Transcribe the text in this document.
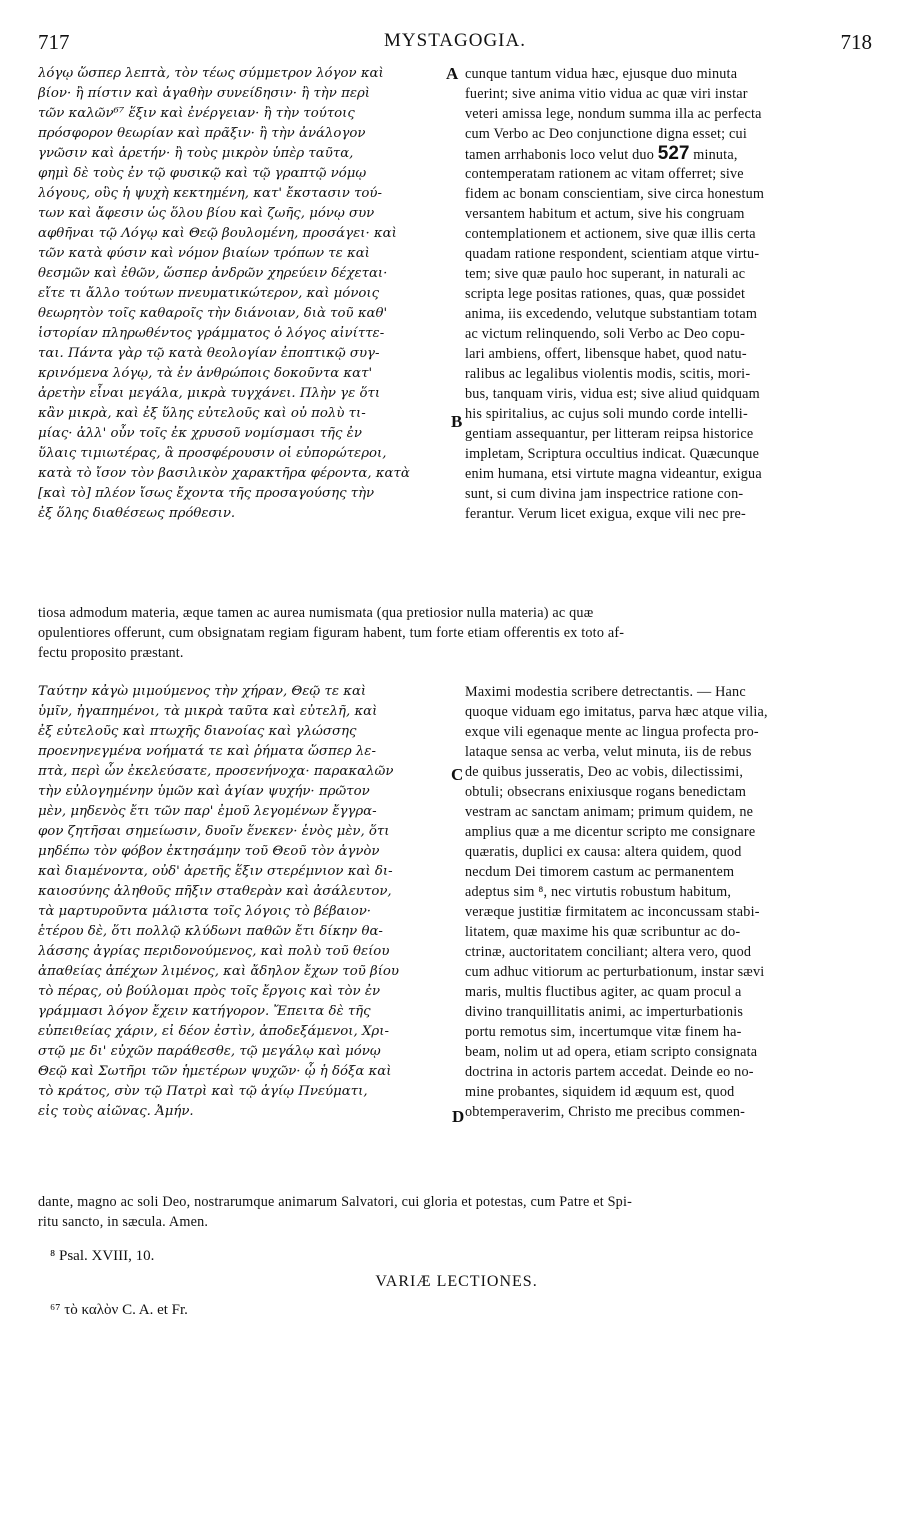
717	MYSTAGOGIA.	718
λόγῳ ὥσπερ λεπτὰ, τὸν τέως σύμμετρον λόγον καὶ
βίον· ἢ πίστιν καὶ ἀγαθὴν συνείδησιν· ἢ τὴν περὶ
τῶν καλῶν⁶⁷ ἕξιν καὶ ἐνέργειαν· ἢ τὴν τούτοις
πρόσφορον θεωρίαν καὶ πρᾶξιν· ἢ τὴν ἀνάλογον
γνῶσιν καὶ ἀρετήν· ἢ τοὺς μικρὸν ὑπὲρ ταῦτα,
φημὶ δὲ τοὺς ἐν τῷ φυσικῷ καὶ τῷ γραπτῷ νόμῳ
λόγους, οὓς ἡ ψυχὴ κεκτημένη, κατ' ἔκστασιν τού-
των καὶ ἄφεσιν ὡς ὅλου βίου καὶ ζωῆς, μόνῳ συν
αφθῆναι τῷ Λόγῳ καὶ Θεῷ βουλομένη, προσάγει· καὶ
τῶν κατὰ φύσιν καὶ νόμον βιαίων τρόπων τε καὶ
θεσμῶν καὶ ἐθῶν, ὥσπερ ἀνδρῶν χηρεύειν δέχεται·
εἴτε τι ἄλλο τούτων πνευματικώτερον, καὶ μόνοις
θεωρητὸν τοῖς καθαροῖς τὴν διάνοιαν, διὰ τοῦ καθ'
ἱστορίαν πληρωθέντος γράμματος ὁ λόγος αἰνίττε-
ται. Πάντα γὰρ τῷ κατὰ θεολογίαν ἐποπτικῷ συγ-
κρινόμενα λόγῳ, τὰ ἐν ἀνθρώποις δοκοῦντα κατ'
ἀρετὴν εἶναι μεγάλα, μικρὰ τυγχάνει. Πλὴν γε ὅτι
κἂν μικρὰ, καὶ ἐξ ὕλης εὐτελοῦς καὶ οὐ πολὺ τι-
μίας· ἀλλ' οὖν τοῖς ἐκ χρυσοῦ νομίσμασι τῆς ἐν
ὕλαις τιμιωτέρας, ἃ προσφέρουσιν οἱ εὐπορώτεροι,
κατὰ τὸ ἴσον τὸν βασιλικὸν χαρακτῆρα φέροντα, κατὰ
[καὶ τὸ] πλέον ἴσως ἔχοντα τῆς προσαγούσης τὴν
ἐξ ὅλης διαθέσεως πρόθεσιν.
cunque tantum vidua hæc, ejusque duo minuta
fuerint; sive anima vitio vidua ac quæ viri instar
veteri amissa lege, nondum summa illa ac perfecta
cum Verbo ac Deo conjunctione digna esset; cui
tamen arrhabonis loco velut duo 527 minuta,
contemperatam rationem ac vitam offerret; sive
fidem ac bonam conscientiam, sive circa honestum
versantem habitum et actum, sive his congruam
contemplationem et actionem, sive quæ illis certa
quadam ratione respondent, scientiam atque virtu-
tem; sive quæ paulo hoc superant, in naturali ac
scripta lege positas rationes, quas, quæ possidet
anima, iis excedendo, velutque substantiam totam
ac victum relinquendo, soli Verbo ac Deo copu-
lari ambiens, offert, libensque habet, quod natu-
ralibus ac legalibus violentis modis, scitis, mori-
bus, tanquam viris, vidua est; sive aliud quidquam
his spiritalius, ac cujus soli mundo corde intelli-
gentiam assequantur, per litteram reipsa historice
impletam, Scriptura occultius indicat. Quæcunque
enim humana, etsi virtute magna videantur, exigua
sunt, si cum divina jam inspectrice ratione con-
ferantur. Verum licet exigua, exque vili nec pre-
tiosa admodum materia, æque tamen ac aurea numismata (qua pretiosior nulla materia) ac quæ
opulentiores offerunt, cum obsignatam regiam figuram habent, tum forte etiam offerentis ex toto af-
fectu proposito præstant.
Ταύτην κἀγὼ μιμούμενος τὴν χήραν, Θεῷ τε καὶ
ὑμῖν, ἠγαπημένοι, τὰ μικρὰ ταῦτα καὶ εὐτελῆ, καὶ
ἐξ εὐτελοῦς καὶ πτωχῆς διανοίας καὶ γλώσσης
προενηνεγμένα νοήματά τε καὶ ῥήματα ὥσπερ λε-
πτὰ, περὶ ὧν ἐκελεύσατε, προσενήνοχα· παρακαλῶν
τὴν εὐλογημένην ὑμῶν καὶ ἁγίαν ψυχήν· πρῶτον
μὲν, μηδενὸς ἔτι τῶν παρ' ἐμοῦ λεγομένων ἔγγρα-
φον ζητῆσαι σημείωσιν, δυοῖν ἕνεκεν· ἑνὸς μὲν, ὅτι
μηδέπω τὸν φόβον ἐκτησάμην τοῦ Θεοῦ τὸν ἁγνὸν
καὶ διαμένοντα, οὐδ' ἀρετῆς ἕξιν στερέμνιον καὶ δι-
καιοσύνης ἀληθοῦς πῆξιν σταθερὰν καὶ ἀσάλευτον,
τὰ μαρτυροῦντα μάλιστα τοῖς λόγοις τὸ βέβαιον·
ἑτέρου δὲ, ὅτι πολλῷ κλύδωνι παθῶν ἔτι δίκην θα-
λάσσης ἀγρίας περιδονούμενος, καὶ πολὺ τοῦ θείου
ἀπαθείας ἀπέχων λιμένος, καὶ ἄδηλον ἔχων τοῦ βίου
τὸ πέρας, οὐ βούλομαι πρὸς τοῖς ἔργοις καὶ τὸν ἐν
γράμμασι λόγον ἔχειν κατήγορον. Ἔπειτα δὲ τῆς
εὐπειθείας χάριν, εἰ δέον ἐστὶν, ἀποδεξάμενοι, Χρι-
στῷ με δι' εὐχῶν παράθεσθε, τῷ μεγάλῳ καὶ μόνῳ
Θεῷ καὶ Σωτῆρι τῶν ἡμετέρων ψυχῶν· ᾧ ἡ δόξα καὶ
τὸ κράτος, σὺν τῷ Πατρὶ καὶ τῷ ἁγίῳ Πνεύματι,
εἰς τοὺς αἰῶνας. Ἀμήν.
Maximi modestia scribere detrectantis. — Hanc
quoque viduam ego imitatus, parva hæc atque vilia,
exque vili egenaque mente ac lingua profecta pro-
lataque sensa ac verba, velut minuta, iis de rebus
de quibus jusseratis, Deo ac vobis, dilectissimi,
obtuli; obsecrans enixiusque rogans benedictam
vestram ac sanctam animam; primum quidem, ne
amplius quæ a me dicentur scripto me consignare
quæratis, duplici ex causa: altera quidem, quod
necdum Dei timorem castum ac permanentem
adeptus sim ⁸, nec virtutis robustum habitum,
veræque justitiæ firmitatem ac inconcussam stabi-
litatem, quæ maxime his quæ scribuntur ac do-
ctrinæ, auctoritatem conciliant; altera vero, quod
cum adhuc vitiorum ac perturbationum, instar sævi
maris, multis fluctibus agiter, ac quam procul a
divino tranquillitatis animi, ac imperturbationis
portu remotus sim, incertumque vitæ finem ha-
beam, nolim ut ad opera, etiam scripto consignata
doctrina in actoris partem accedat. Deinde eo no-
mine probantes, siquidem id æquum est, quod
obtemperaverim, Christo me precibus commen-
dante, magno ac soli Deo, nostrarumque animarum Salvatori, cui gloria et potestas, cum Patre et Spi-
ritu sancto, in sæcula. Amen.
A
B
C
D
⁸ Psal. XVIII, 10.
VARIÆ LECTIONES.
⁶⁷ τὸ καλὸν C. A. et Fr.
